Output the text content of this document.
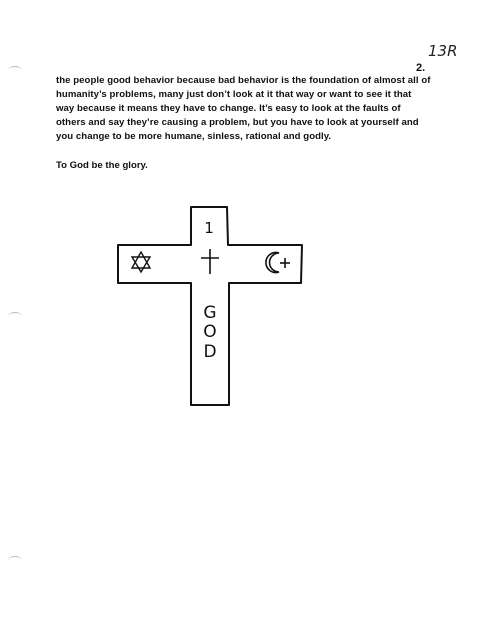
13R
2.
the people good behavior because bad behavior is the foundation of almost all of
humanity’s problems, many just don’t look at it that way or want to see it that
way because it means they have to change. It’s easy to look at the faults of
others and say they’re causing a problem, but you have to look at yourself and
you change to be more humane, sinless, rational and godly.
To God be the glory.
1
G
O
D
